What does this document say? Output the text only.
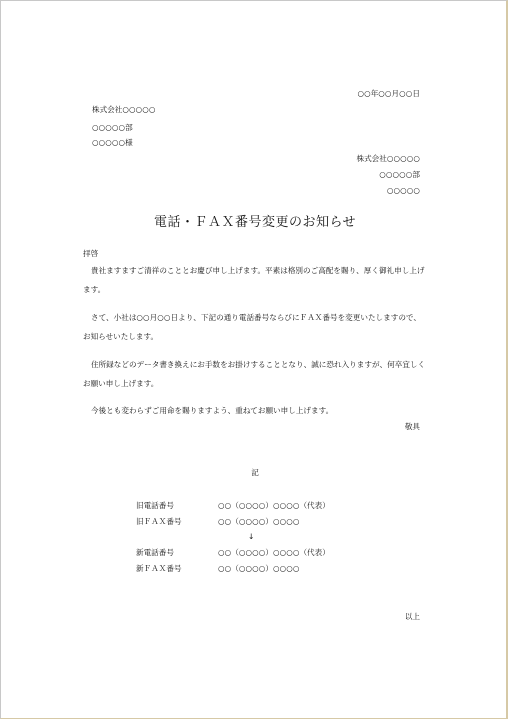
○○年○○月○○日
株式会社○○○○○
○○○○○部
○○○○○様
株式会社○○○○○
○○○○○部
○○○○○
電話・ＦＡＸ番号変更のお知らせ
拝啓
貴社ますますご清祥のこととお慶び申し上げます。平素は格別のご高配を賜り、厚く御礼申し上げます。
さて、小社は○○月○○日より、下記の通り電話番号ならびにＦＡＸ番号を変更いたしますので、お知らせいたします。
住所録などのデータ書き換えにお手数をお掛けすることとなり、誠に恐れ入りますが、何卒宜しくお願い申し上げます。
今後とも変わらずご用命を賜りますよう、重ねてお願い申し上げます。
敬具
記
旧電話番号	○○（○○○○）○○○○（代表）
旧ＦＡＸ番号	○○（○○○○）○○○○
↓
新電話番号	○○（○○○○）○○○○（代表）
新ＦＡＸ番号	○○（○○○○）○○○○
以上
